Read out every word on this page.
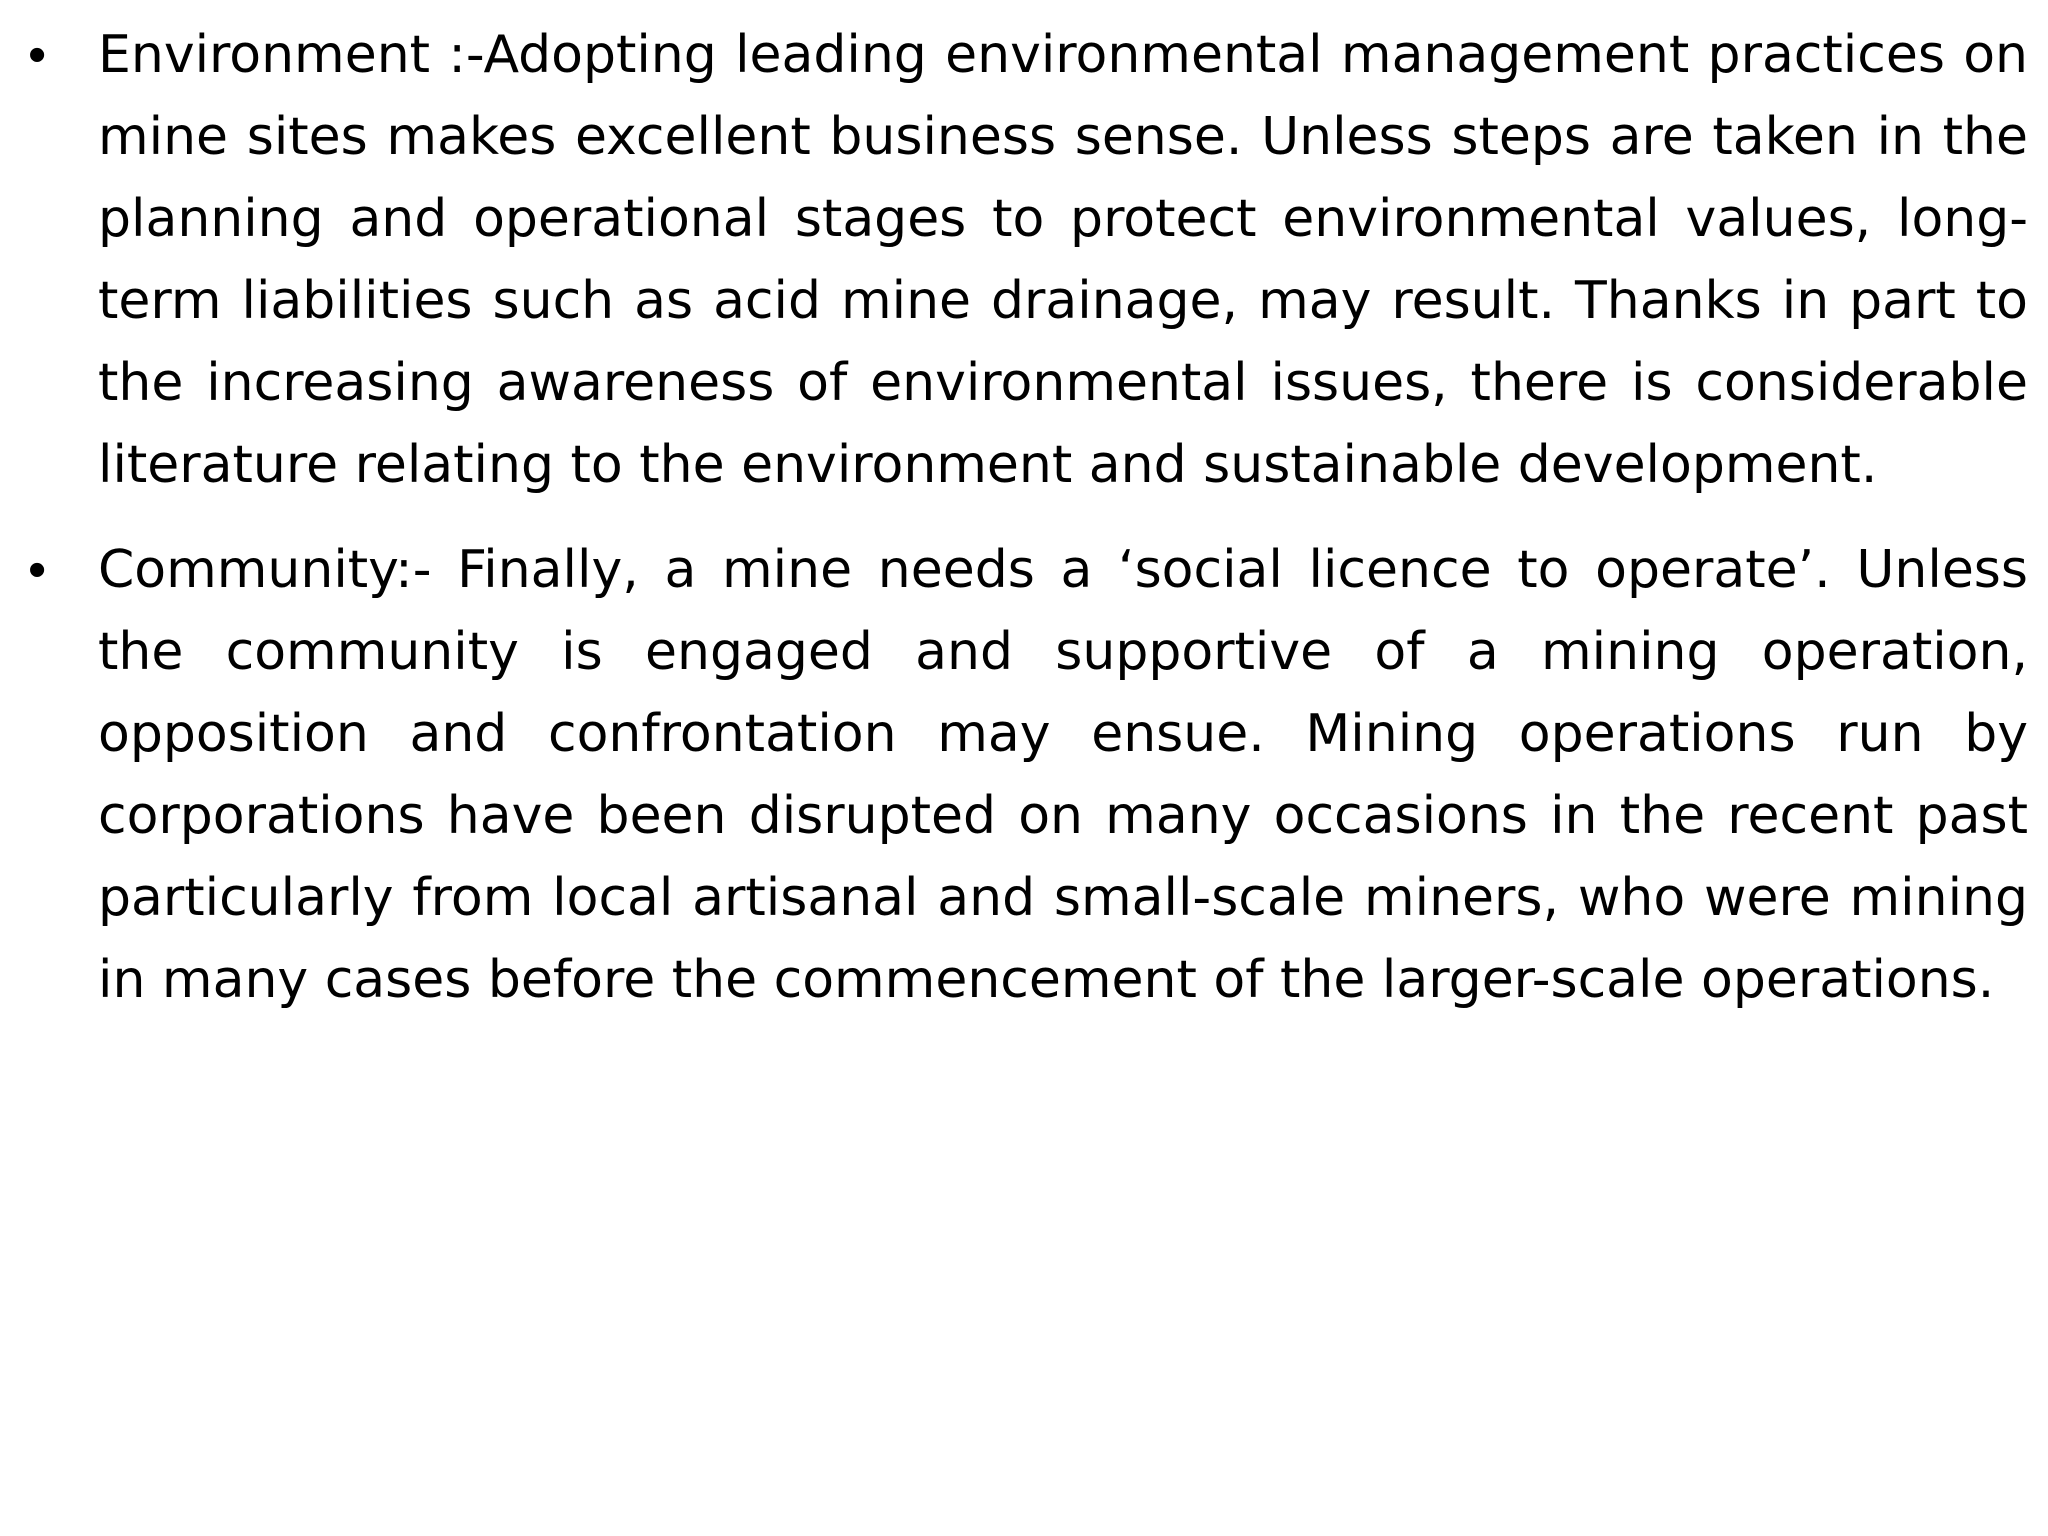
• Environment :-Adopting leading environmental management practices on mine sites makes excellent business sense. Unless steps are taken in the planning and operational stages to protect environmental values, long-term liabilities such as acid mine drainage, may result. Thanks in part to the increasing awareness of environmental issues, there is considerable literature relating to the environment and sustainable development.
• Community:- Finally, a mine needs a ‘social licence to operate’. Unless the community is engaged and supportive of a mining operation, opposition and confrontation may ensue. Mining operations run by corporations have been disrupted on many occasions in the recent past particularly from local artisanal and small-scale miners, who were mining in many cases before the commencement of the larger-scale operations.
